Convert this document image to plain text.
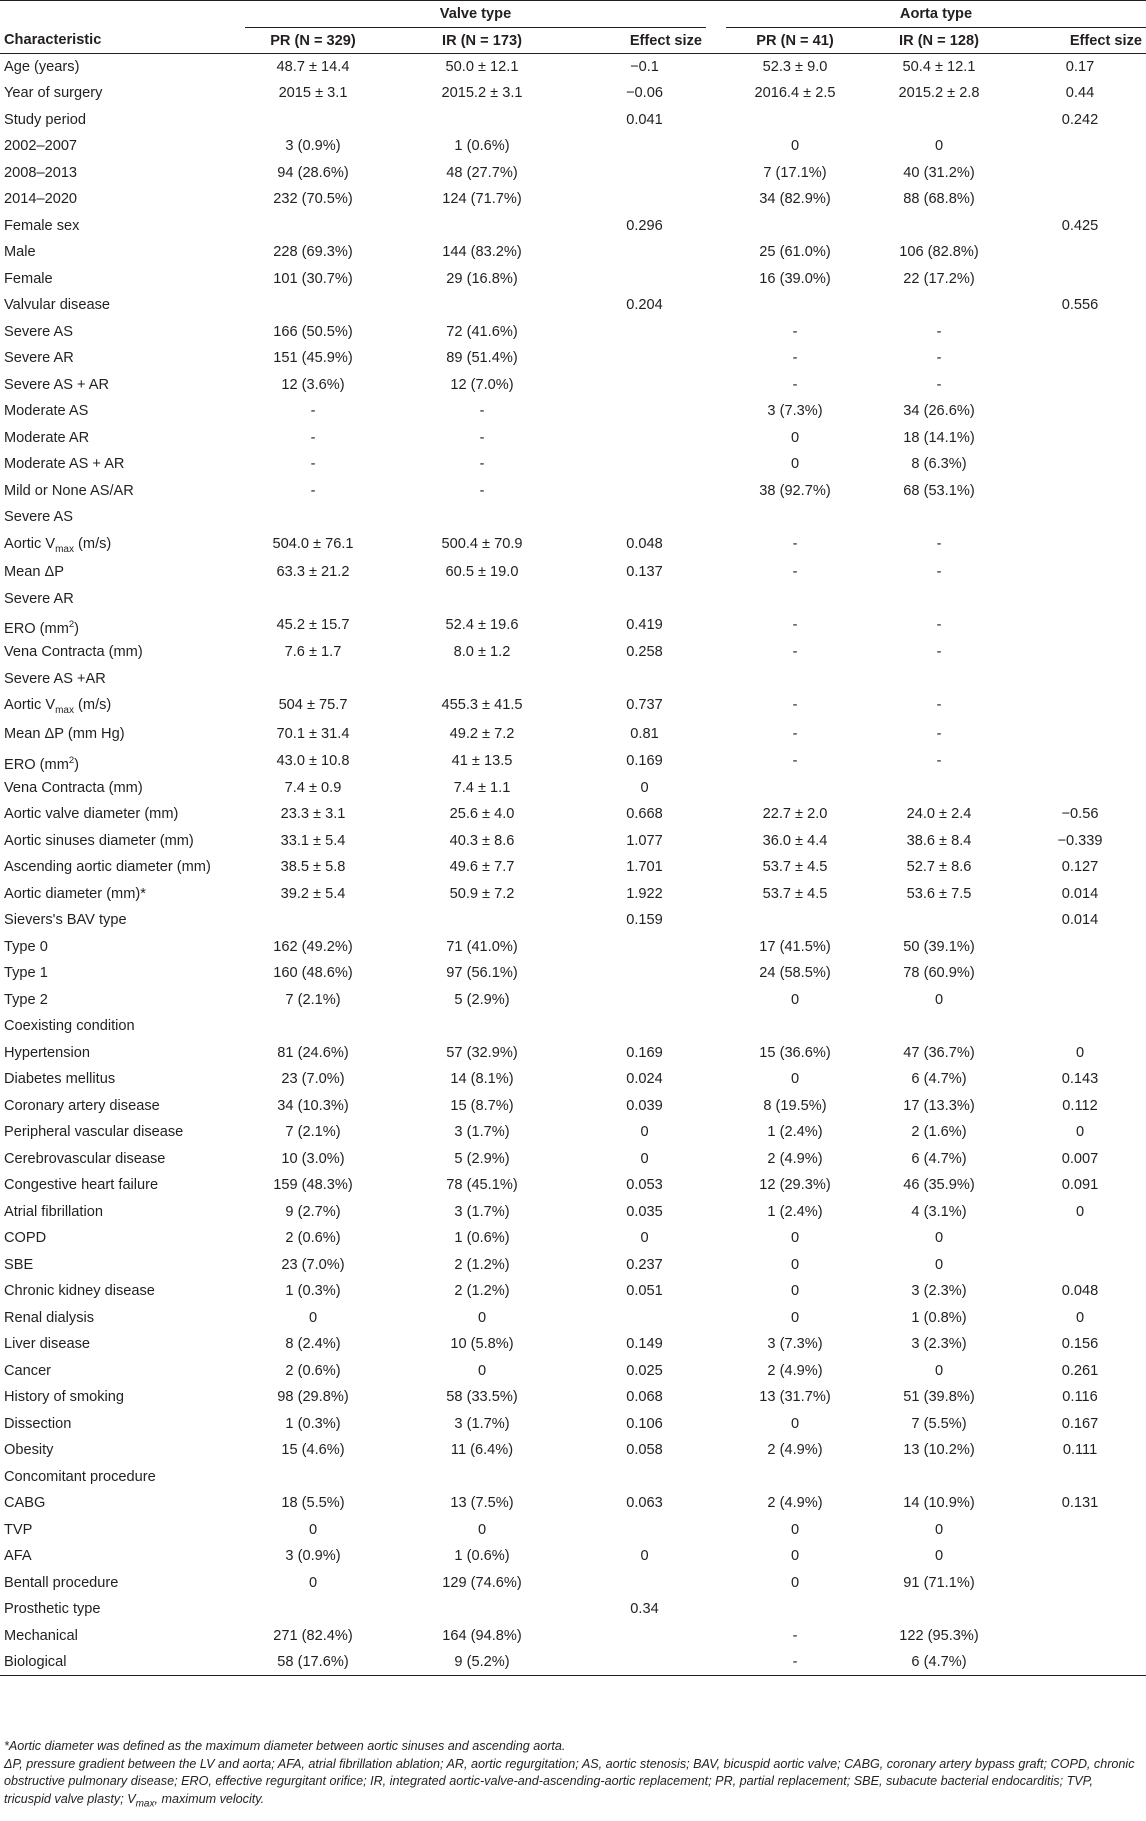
	Valve type				Aorta type		
Characteristic	PR (N = 329)	IR (N = 173)	Effect size		PR (N = 41)	IR (N = 128)	Effect size
Age (years)	48.7 ± 14.4	50.0 ± 12.1	−0.1		52.3 ± 9.0	50.4 ± 12.1	0.17
Year of surgery	2015 ± 3.1	2015.2 ± 3.1	−0.06		2016.4 ± 2.5	2015.2 ± 2.8	0.44
Study period			0.041				0.242
2002–2007	3 (0.9%)	1 (0.6%)			0	0	
2008–2013	94 (28.6%)	48 (27.7%)			7 (17.1%)	40 (31.2%)	
2014–2020	232 (70.5%)	124 (71.7%)			34 (82.9%)	88 (68.8%)	
Female sex			0.296				0.425
Male	228 (69.3%)	144 (83.2%)			25 (61.0%)	106 (82.8%)	
Female	101 (30.7%)	29 (16.8%)			16 (39.0%)	22 (17.2%)	
Valvular disease			0.204				0.556
Severe AS	166 (50.5%)	72 (41.6%)			-	-	
Severe AR	151 (45.9%)	89 (51.4%)			-	-	
Severe AS + AR	12 (3.6%)	12 (7.0%)			-	-	
Moderate AS	-	-			3 (7.3%)	34 (26.6%)	
Moderate AR	-	-			0	18 (14.1%)	
Moderate AS + AR	-	-			0	8 (6.3%)	
Mild or None AS/AR	-	-			38 (92.7%)	68 (53.1%)	
Severe AS							
Aortic $V_{max}$ (m/s)	504.0 ± 76.1	500.4 ± 70.9	0.048		-	-	
Mean ΔP	63.3 ± 21.2	60.5 ± 19.0	0.137		-	-	
Severe AR							
ERO $(mm^2)$	45.2 ± 15.7	52.4 ± 19.6	0.419		-	-	
Vena Contracta (mm)	7.6 ± 1.7	8.0 ± 1.2	0.258		-	-	
Severe AS +AR							
Aortic $V_{max}$ (m/s)	504 ± 75.7	455.3 ± 41.5	0.737		-	-	
Mean ΔP (mm Hg)	70.1 ± 31.4	49.2 ± 7.2	0.81		-	-	
ERO $(mm^2)$	43.0 ± 10.8	41 ± 13.5	0.169		-	-	
Vena Contracta (mm)	7.4 ± 0.9	7.4 ± 1.1	0				
Aortic valve diameter (mm)	23.3 ± 3.1	25.6 ± 4.0	0.668		22.7 ± 2.0	24.0 ± 2.4	−0.56
Aortic sinuses diameter (mm)	33.1 ± 5.4	40.3 ± 8.6	1.077		36.0 ± 4.4	38.6 ± 8.4	−0.339
Ascending aortic diameter (mm)	38.5 ± 5.8	49.6 ± 7.7	1.701		53.7 ± 4.5	52.7 ± 8.6	0.127
Aortic diameter (mm)*	39.2 ± 5.4	50.9 ± 7.2	1.922		53.7 ± 4.5	53.6 ± 7.5	0.014
Sievers's BAV type			0.159				0.014
Type 0	162 (49.2%)	71 (41.0%)			17 (41.5%)	50 (39.1%)	
Type 1	160 (48.6%)	97 (56.1%)			24 (58.5%)	78 (60.9%)	
Type 2	7 (2.1%)	5 (2.9%)			0	0	
Coexisting condition							
Hypertension	81 (24.6%)	57 (32.9%)	0.169		15 (36.6%)	47 (36.7%)	0
Diabetes mellitus	23 (7.0%)	14 (8.1%)	0.024		0	6 (4.7%)	0.143
Coronary artery disease	34 (10.3%)	15 (8.7%)	0.039		8 (19.5%)	17 (13.3%)	0.112
Peripheral vascular disease	7 (2.1%)	3 (1.7%)	0		1 (2.4%)	2 (1.6%)	0
Cerebrovascular disease	10 (3.0%)	5 (2.9%)	0		2 (4.9%)	6 (4.7%)	0.007
Congestive heart failure	159 (48.3%)	78 (45.1%)	0.053		12 (29.3%)	46 (35.9%)	0.091
Atrial fibrillation	9 (2.7%)	3 (1.7%)	0.035		1 (2.4%)	4 (3.1%)	0
COPD	2 (0.6%)	1 (0.6%)	0		0	0	
SBE	23 (7.0%)	2 (1.2%)	0.237		0	0	
Chronic kidney disease	1 (0.3%)	2 (1.2%)	0.051		0	3 (2.3%)	0.048
Renal dialysis	0	0			0	1 (0.8%)	0
Liver disease	8 (2.4%)	10 (5.8%)	0.149		3 (7.3%)	3 (2.3%)	0.156
Cancer	2 (0.6%)	0	0.025		2 (4.9%)	0	0.261
History of smoking	98 (29.8%)	58 (33.5%)	0.068		13 (31.7%)	51 (39.8%)	0.116
Dissection	1 (0.3%)	3 (1.7%)	0.106		0	7 (5.5%)	0.167
Obesity	15 (4.6%)	11 (6.4%)	0.058		2 (4.9%)	13 (10.2%)	0.111
Concomitant procedure							
CABG	18 (5.5%)	13 (7.5%)	0.063		2 (4.9%)	14 (10.9%)	0.131
TVP	0	0			0	0	
AFA	3 (0.9%)	1 (0.6%)	0		0	0	
Bentall procedure	0	129 (74.6%)			0	91 (71.1%)	
Prosthetic type			0.34				
Mechanical	271 (82.4%)	164 (94.8%)			-	122 (95.3%)	
Biological	58 (17.6%)	9 (5.2%)			-	6 (4.7%)	

*Aortic diameter was defined as the maximum diameter between aortic sinuses and ascending aorta.

ΔP, pressure gradient between the LV and aorta; AFA, atrial fibrillation ablation; AR, aortic regurgitation; AS, aortic stenosis; BAV, bicuspid aortic valve; CABG, coronary artery bypass graft; COPD, chronic obstructive pulmonary disease; ERO, effective regurgitant orifice; IR, integrated aortic-valve-and-ascending-aortic replacement; PR, partial replacement; SBE, subacute bacterial endocarditis; TVP, tricuspid valve plasty; $V_{max}$, maximum velocity.
